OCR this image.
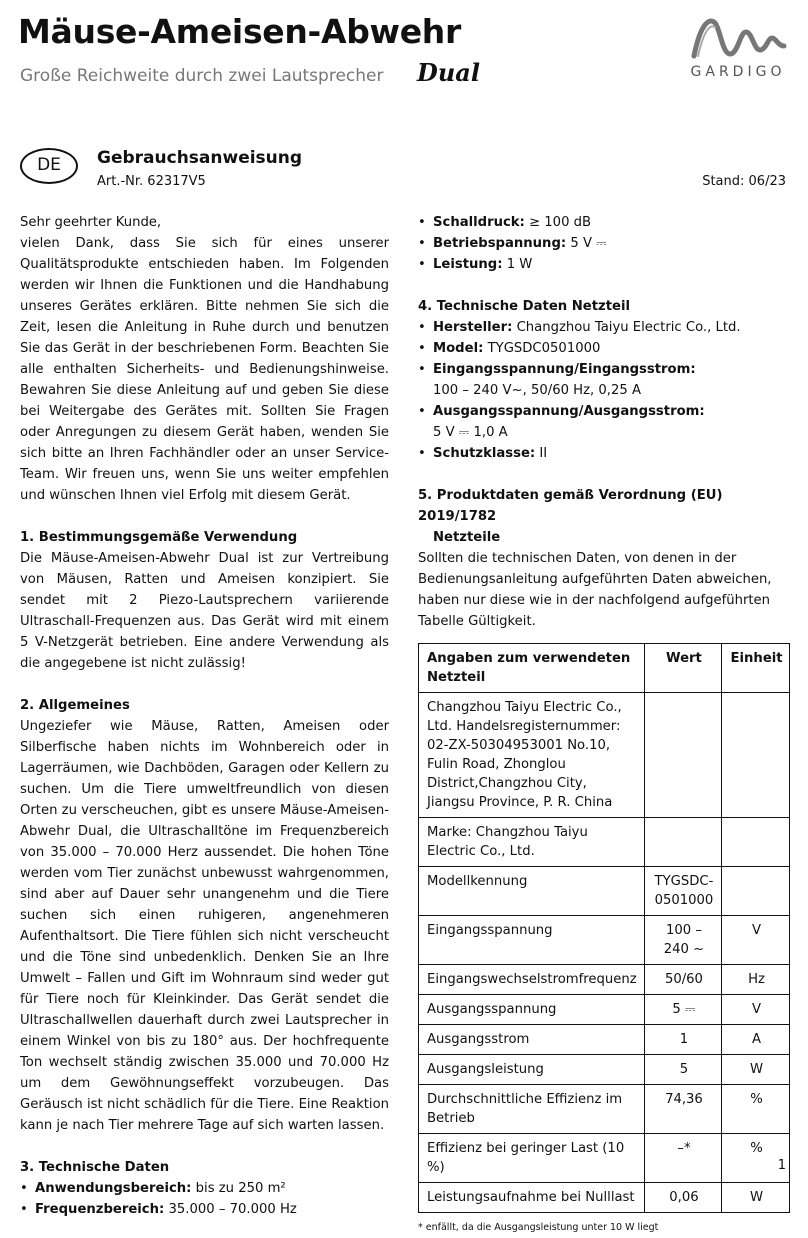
Mäuse-Ameisen-Abwehr
Große Reichweite durch zwei Lautsprecher Dual	GARDIGO
DE	Gebrauchsanweisung
Art.-Nr. 62317V5	Stand: 06/23

Sehr geehrter Kunde,

vielen Dank, dass Sie sich für eines unserer Qualitätsprodukte entschieden haben. Im Folgenden werden wir Ihnen die Funktionen und die Handhabung unseres Gerätes erklären. Bitte nehmen Sie sich die Zeit, lesen die Anleitung in Ruhe durch und benutzen Sie das Gerät in der beschriebenen Form. Beachten Sie alle enthalten Sicherheits- und Bedienungshinweise. Bewahren Sie diese Anleitung auf und geben Sie diese bei Weitergabe des Gerätes mit. Sollten Sie Fragen oder Anregungen zu diesem Gerät haben, wenden Sie sich bitte an Ihren Fachhändler oder an unser Service-Team. Wir freuen uns, wenn Sie uns weiter empfehlen und wünschen Ihnen viel Erfolg mit diesem Gerät.

1. Bestimmungsgemäße Verwendung

Die Mäuse-Ameisen-Abwehr Dual ist zur Vertreibung von Mäusen, Ratten und Ameisen konzipiert. Sie sendet mit 2 Piezo-Lautsprechern variierende Ultraschall-Frequenzen aus. Das Gerät wird mit einem 5 V-Netzgerät betrieben. Eine andere Verwendung als die angegebene ist nicht zulässig!

2. Allgemeines

Ungeziefer wie Mäuse, Ratten, Ameisen oder Silberfische haben nichts im Wohnbereich oder in Lagerräumen, wie Dachböden, Garagen oder Kellern zu suchen. Um die Tiere umweltfreundlich von diesen Orten zu verscheuchen, gibt es unsere Mäuse-Ameisen-Abwehr Dual, die Ultraschalltöne im Frequenzbereich von 35.000 – 70.000 Herz aussendet. Die hohen Töne werden vom Tier zunächst unbewusst wahrgenommen, sind aber auf Dauer sehr unangenehm und die Tiere suchen sich einen ruhigeren, angenehmeren Aufenthaltsort. Die Tiere fühlen sich nicht verscheucht und die Töne sind unbedenklich. Denken Sie an Ihre Umwelt – Fallen und Gift im Wohnraum sind weder gut für Tiere noch für Kleinkinder. Das Gerät sendet die Ultraschallwellen dauerhaft durch zwei Lautsprecher in einem Winkel von bis zu 180° aus. Der hochfrequente Ton wechselt ständig zwischen 35.000 und 70.000 Hz um dem Gewöhnungseffekt vorzubeugen. Das Geräusch ist nicht schädlich für die Tiere. Eine Reaktion kann je nach Tier mehrere Tage auf sich warten lassen.

3. Technische Daten
• Anwendungsbereich: bis zu 250 m²
• Frequenzbereich: 35.000 – 70.000 Hz
• Schalldruck: ≥ 100 dB
• Betriebspannung: 5 V ⎓
• Leistung: 1 W
4. Technische Daten Netzteil
• Hersteller: Changzhou Taiyu Electric Co., Ltd.
• Model: TYGSDC0501000
• Eingangsspannung/Eingangsstrom:
100 – 240 V~, 50/60 Hz, 0,25 A
• Ausgangsspannung/Ausgangsstrom:
5 V ⎓ 1,0 A
• Schutzklasse: II
5. Produktdaten gemäß Verordnung (EU) 2019/1782
Netzteile

Sollten die technischen Daten, von denen in der Bedienungsanleitung aufgeführten Daten abweichen, haben nur diese wie in der nachfolgend aufgeführten Tabelle Gültigkeit.

Angaben zum verwendeten Netzteil	Wert	Einheit
Changzhou Taiyu Electric Co., Ltd. Handelsregisternummer: 02-ZX-50304953001 No.10, Fulin Road, Zhonglou District,Changzhou City, Jiangsu Province, P. R. China		
Marke: Changzhou Taiyu Electric Co., Ltd.		
Modellkennung	TYGSDC-0501000	
Eingangsspannung	100 – 240 ~	V
Eingangswechselstromfrequenz	50/60	Hz
Ausgangsspannung	5 ⎓	V
Ausgangsstrom	1	A
Ausgangsleistung	5	W
Durchschnittliche Effizienz im Betrieb	74,36	%
Effizienz bei geringer Last (10 %)	–*	%
Leistungsaufnahme bei Nulllast	0,06	W
* enfällt, da die Ausgangsleistung unter 10 W liegt
1
